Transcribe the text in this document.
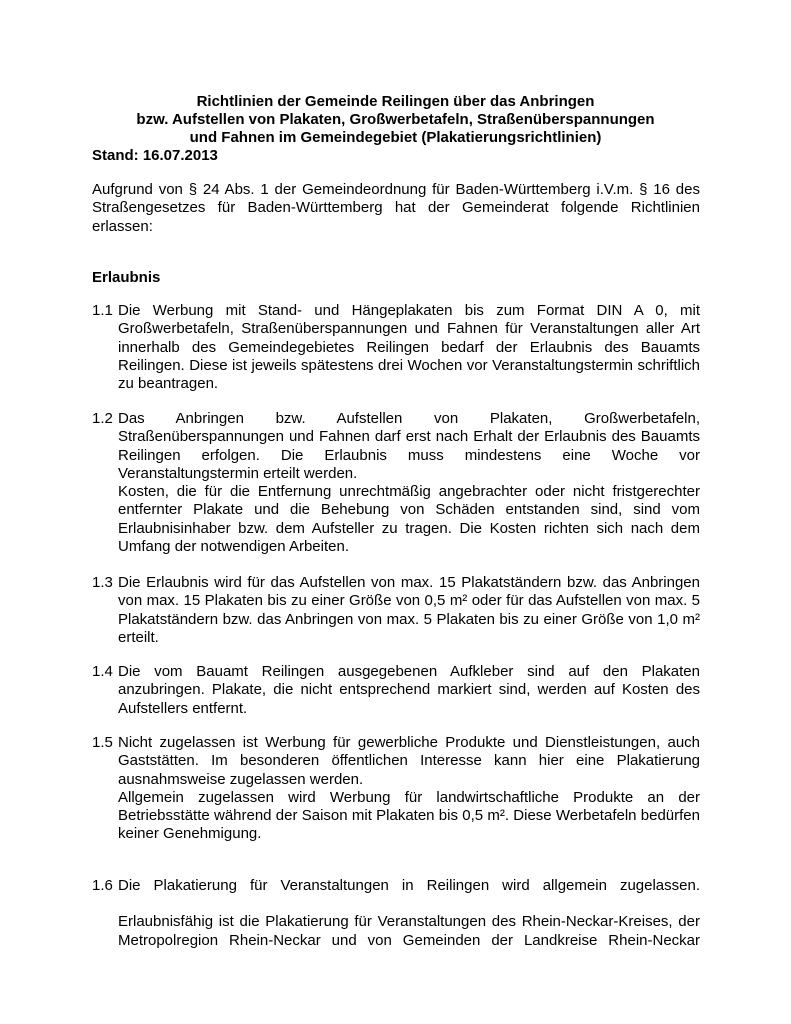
Richtlinien der Gemeinde Reilingen über das Anbringen
bzw. Aufstellen von Plakaten, Großwerbetafeln, Straßenüberspannungen
und Fahnen im Gemeindegebiet (Plakatierungsrichtlinien)
Stand: 16.07.2013
Aufgrund von § 24 Abs. 1 der Gemeindeordnung für Baden-Württemberg i.V.m. § 16 des Straßengesetzes für Baden-Württemberg hat der Gemeinderat folgende Richtlinien erlassen:
Erlaubnis
1.1 Die Werbung mit Stand- und Hängeplakaten bis zum Format DIN A 0, mit Großwerbetafeln, Straßenüberspannungen und Fahnen für Veranstaltungen aller Art innerhalb des Gemeindegebietes Reilingen bedarf der Erlaubnis des Bauamts Reilingen. Diese ist jeweils spätestens drei Wochen vor Veranstaltungstermin schriftlich zu beantragen.

1.2 Das Anbringen bzw. Aufstellen von Plakaten, Großwerbetafeln, Straßenüberspannungen und Fahnen darf erst nach Erhalt der Erlaubnis des Bauamts Reilingen erfolgen. Die Erlaubnis muss mindestens eine Woche vor Veranstaltungstermin erteilt werden.

Kosten, die für die Entfernung unrechtmäßig angebrachter oder nicht fristgerechter entfernter Plakate und die Behebung von Schäden entstanden sind, sind vom Erlaubnisinhaber bzw. dem Aufsteller zu tragen. Die Kosten richten sich nach dem Umfang der notwendigen Arbeiten.

1.3 Die Erlaubnis wird für das Aufstellen von max. 15 Plakatständern bzw. das Anbringen von max. 15 Plakaten bis zu einer Größe von 0,5 m² oder für das Aufstellen von max. 5 Plakatständern bzw. das Anbringen von max. 5 Plakaten bis zu einer Größe von 1,0 m² erteilt.

1.4 Die vom Bauamt Reilingen ausgegebenen Aufkleber sind auf den Plakaten anzubringen. Plakate, die nicht entsprechend markiert sind, werden auf Kosten des Aufstellers entfernt.

1.5 Nicht zugelassen ist Werbung für gewerbliche Produkte und Dienstleistungen, auch Gaststätten. Im besonderen öffentlichen Interesse kann hier eine Plakatierung ausnahmsweise zugelassen werden.

Allgemein zugelassen wird Werbung für landwirtschaftliche Produkte an der Betriebsstätte während der Saison mit Plakaten bis 0,5 m². Diese Werbetafeln bedürfen keiner Genehmigung.

1.6 Die Plakatierung für Veranstaltungen in Reilingen wird allgemein zugelassen.

Erlaubnisfähig ist die Plakatierung für Veranstaltungen des Rhein-Neckar-Kreises, der Metropolregion Rhein-Neckar und von Gemeinden der Landkreise Rhein-Neckar
